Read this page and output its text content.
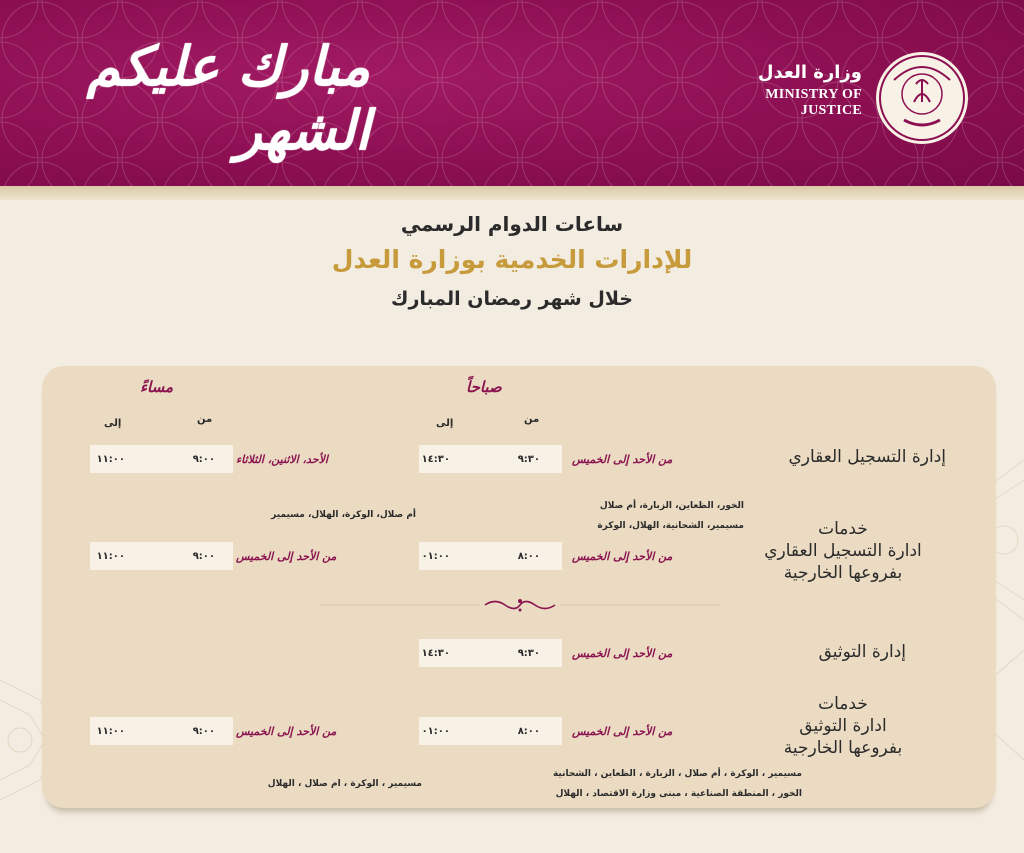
مبارك عليكم الشهر
وزارة العدل
MINISTRY OF JUSTICE
ساعات الدوام الرسمي
للإدارات الخدمية بوزارة العدل
خلال شهر رمضان المبارك
صباحاً
مساءً
من
إلى
من
إلى
إدارة التسجيل العقاري
من الأحد إلى الخميس
٩:٣٠
١٤:٣٠
الأحد، الاثنين، الثلاثاء
٩:٠٠
١١:٠٠
الخور، الظعاين، الزبارة، أم صلال
مسيمير، الشحانية، الهلال، الوكرة
أم صلال، الوكرة، الهلال، مسيمير
خدمات
ادارة التسجيل العقاري
بفروعها الخارجية
من الأحد إلى الخميس
٨:٠٠
٠١:٠٠
من الأحد إلى الخميس
٩:٠٠
١١:٠٠
إدارة التوثيق
من الأحد إلى الخميس
٩:٣٠
١٤:٣٠
خدمات
ادارة التوثيق
بفروعها الخارجية
من الأحد إلى الخميس
٨:٠٠
٠١:٠٠
من الأحد إلى الخميس
٩:٠٠
١١:٠٠
مسيمير ، الوكرة ، أم صلال ، الزبارة ، الظعاين ، الشحانية
الخور ، المنطقة الصناعية ، مبنى وزارة الاقتصاد ، الهلال
مسيمير ، الوكرة ، ام صلال ، الهلال
